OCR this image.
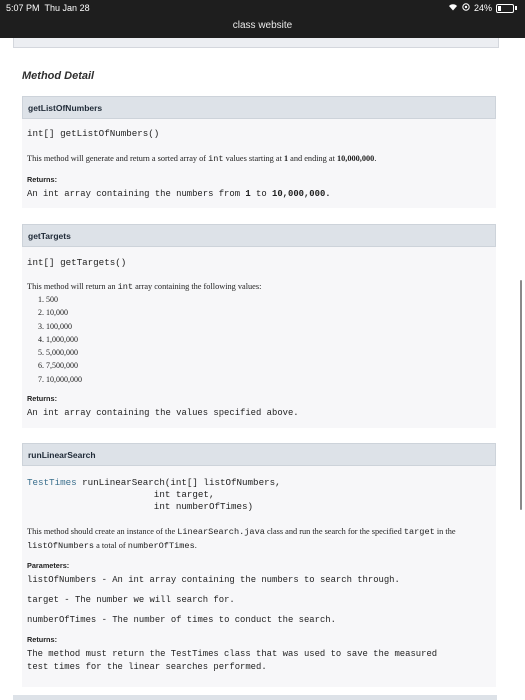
5:07 PM Thu Jan 28	24%
class website
Method Detail
getListOfNumbers
int[] getListOfNumbers()
This method will generate and return a sorted array of int values starting at 1 and ending at 10,000,000.
Returns:
An int array containing the numbers from 1 to 10,000,000.
getTargets
int[] getTargets()
This method will return an int array containing the following values:
1. 500
2. 10,000
3. 100,000
4. 1,000,000
5. 5,000,000
6. 7,500,000
7. 10,000,000
Returns:
An int array containing the values specified above.
runLinearSearch
TestTimes runLinearSearch(int[] listOfNumbers,
int target,
int numberOfTimes)
This method should create an instance of the LinearSearch.java class and run the search for the specified target in the listOfNumbers a total of numberOfTimes.
Parameters:
listOfNumbers - An int array containing the numbers to search through.
target - The number we will search for.
numberOfTimes - The number of times to conduct the search.
Returns:
The method must return the TestTimes class that was used to save the measured
test times for the linear searches performed.
